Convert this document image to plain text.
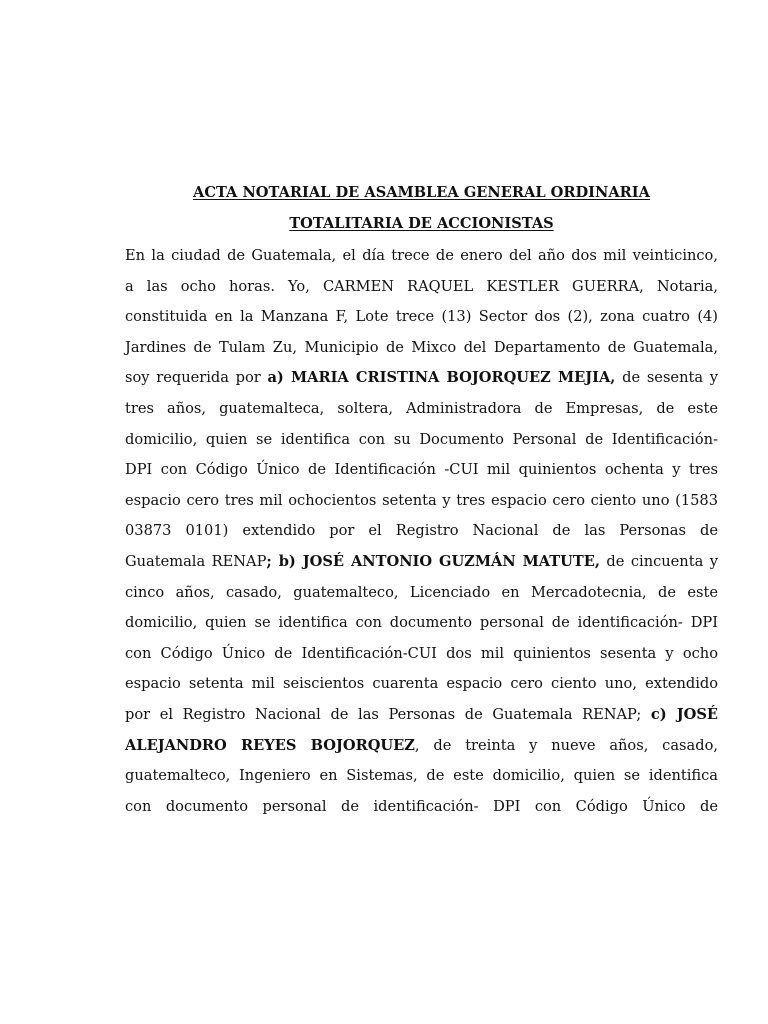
ACTA NOTARIAL DE ASAMBLEA GENERAL ORDINARIA
TOTALITARIA DE ACCIONISTAS
En la ciudad de Guatemala, el día trece de enero del año dos mil veinticinco,
a las ocho horas. Yo, CARMEN RAQUEL KESTLER GUERRA, Notaria,
constituida en la Manzana F, Lote trece (13) Sector dos (2), zona cuatro (4)
Jardines de Tulam Zu, Municipio de Mixco del Departamento de Guatemala,
soy requerida por a) MARIA CRISTINA BOJORQUEZ MEJIA, de sesenta y
tres años, guatemalteca, soltera, Administradora de Empresas, de este
domicilio, quien se identifica con su Documento Personal de Identificación-
DPI con Código Único de Identificación -CUI mil quinientos ochenta y tres
espacio cero tres mil ochocientos setenta y tres espacio cero ciento uno (1583
03873 0101) extendido por el Registro Nacional de las Personas de
Guatemala RENAP; b) JOSÉ ANTONIO GUZMÁN MATUTE, de cincuenta y
cinco años, casado, guatemalteco, Licenciado en Mercadotecnia, de este
domicilio, quien se identifica con documento personal de identificación- DPI
con Código Único de Identificación-CUI dos mil quinientos sesenta y ocho
espacio setenta mil seiscientos cuarenta espacio cero ciento uno, extendido
por el Registro Nacional de las Personas de Guatemala RENAP; c) JOSÉ
ALEJANDRO REYES BOJORQUEZ, de treinta y nueve años, casado,
guatemalteco, Ingeniero en Sistemas, de este domicilio, quien se identifica
con documento personal de identificación- DPI con Código Único de
